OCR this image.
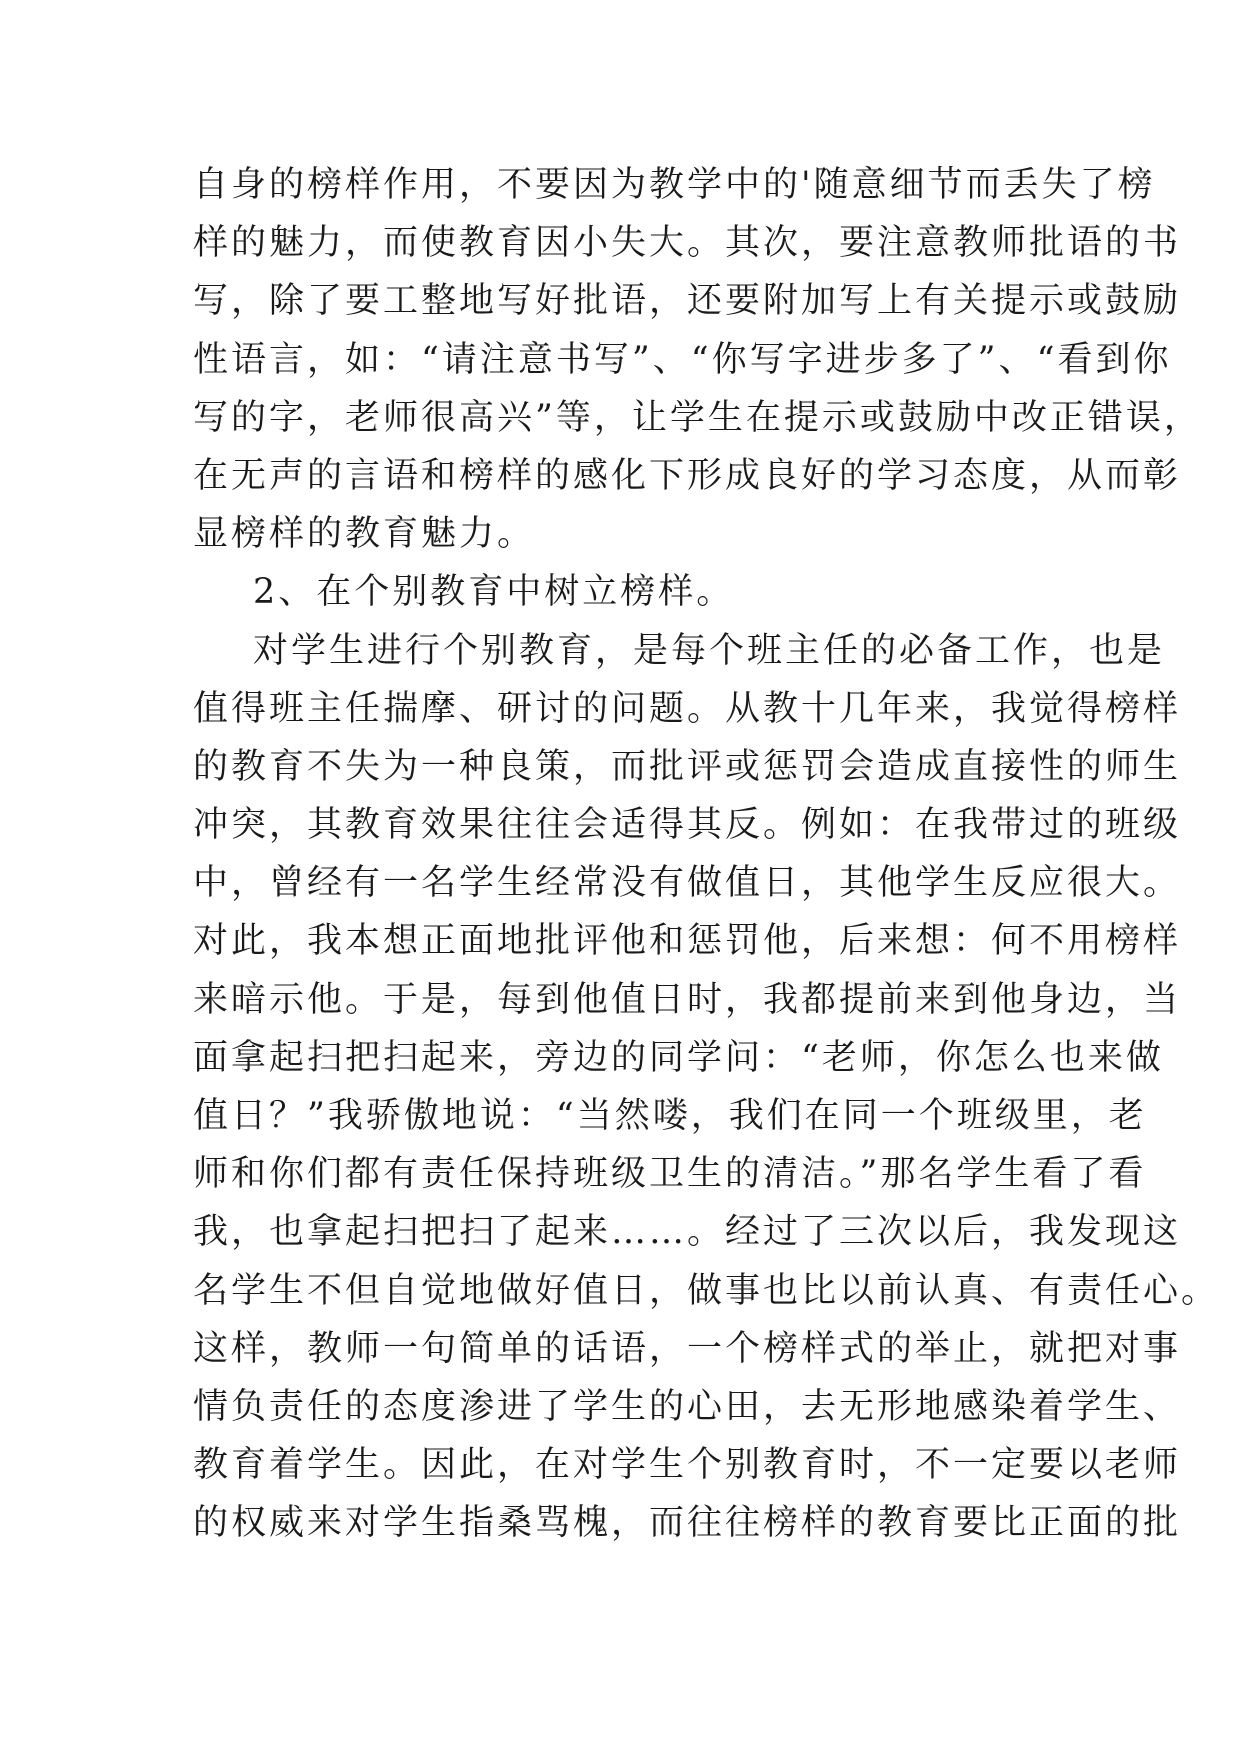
自身的榜样作用，不要因为教学中的'随意细节而丢失了榜
样的魅力，而使教育因小失大。其次，要注意教师批语的书
写，除了要工整地写好批语，还要附加写上有关提示或鼓励
性语言，如：“请注意书写”、“你写字进步多了”、“看到你
写的字，老师很高兴”等，让学生在提示或鼓励中改正错误，
在无声的言语和榜样的感化下形成良好的学习态度，从而彰
显榜样的教育魅力。
2、在个别教育中树立榜样。
对学生进行个别教育，是每个班主任的必备工作，也是
值得班主任揣摩、研讨的问题。从教十几年来，我觉得榜样
的教育不失为一种良策，而批评或惩罚会造成直接性的师生
冲突，其教育效果往往会适得其反。例如：在我带过的班级
中，曾经有一名学生经常没有做值日，其他学生反应很大。
对此，我本想正面地批评他和惩罚他，后来想：何不用榜样
来暗示他。于是，每到他值日时，我都提前来到他身边，当
面拿起扫把扫起来，旁边的同学问：“老师，你怎么也来做
值日？”我骄傲地说：“当然喽，我们在同一个班级里，老
师和你们都有责任保持班级卫生的清洁。”那名学生看了看
我，也拿起扫把扫了起来……。经过了三次以后，我发现这
名学生不但自觉地做好值日，做事也比以前认真、有责任心。
这样，教师一句简单的话语，一个榜样式的举止，就把对事
情负责任的态度渗进了学生的心田，去无形地感染着学生、
教育着学生。因此，在对学生个别教育时，不一定要以老师
的权威来对学生指桑骂槐，而往往榜样的教育要比正面的批
